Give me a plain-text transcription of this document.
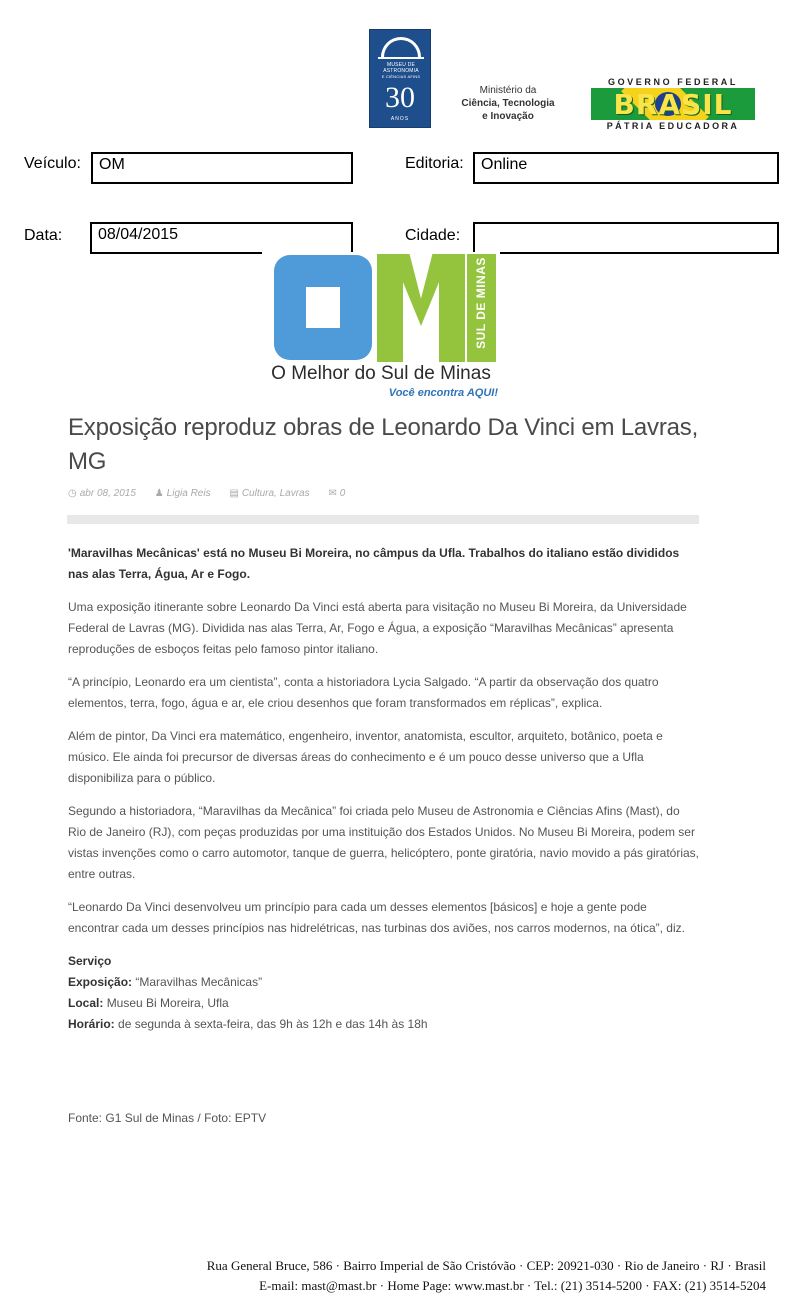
MUSEU DE
ASTRONOMIA
E CIÊNCIAS AFINS
30
ANOS
Ministério da
Ciência, Tecnologia
e Inovação
GOVERNO FEDERAL
BRASIL
PÁTRIA EDUCADORA
Veículo:	OM	Editoria:	Online
Data:	08/04/2015	Cidade:
SUL DE MINAS
O Melhor do Sul de Minas
Você encontra AQUI!
Exposição reproduz obras de Leonardo Da Vinci em Lavras, MG
◷ abr 08, 2015 ♟ Ligia Reis ▤ Cultura, Lavras ✉ 0

'Maravilhas Mecânicas' está no Museu Bi Moreira, no câmpus da Ufla. Trabalhos do italiano estão divididos nas alas Terra, Água, Ar e Fogo.

Uma exposição itinerante sobre Leonardo Da Vinci está aberta para visitação no Museu Bi Moreira, da Universidade Federal de Lavras (MG). Dividida nas alas Terra, Ar, Fogo e Água, a exposição “Maravilhas Mecânicas” apresenta reproduções de esboços feitas pelo famoso pintor italiano.

“A princípio, Leonardo era um cientista”, conta a historiadora Lycia Salgado. “A partir da observação dos quatro elementos, terra, fogo, água e ar, ele criou desenhos que foram transformados em réplicas”, explica.

Além de pintor, Da Vinci era matemático, engenheiro, inventor, anatomista, escultor, arquiteto, botânico, poeta e músico. Ele ainda foi precursor de diversas áreas do conhecimento e é um pouco desse universo que a Ufla disponibiliza para o público.

Segundo a historiadora, “Maravilhas da Mecânica” foi criada pelo Museu de Astronomia e Ciências Afins (Mast), do Rio de Janeiro (RJ), com peças produzidas por uma instituição dos Estados Unidos. No Museu Bi Moreira, podem ser vistas invenções como o carro automotor, tanque de guerra, helicóptero, ponte giratória, navio movido a pás giratórias, entre outras.

“Leonardo Da Vinci desenvolveu um princípio para cada um desses elementos [básicos] e hoje a gente pode encontrar cada um desses princípios nas hidrelétricas, nas turbinas dos aviões, nos carros modernos, na ótica”, diz.

Serviço
Exposição: “Maravilhas Mecânicas”
Local: Museu Bi Moreira, Ufla
Horário: de segunda à sexta-feira, das 9h às 12h e das 14h às 18h
Fonte: G1 Sul de Minas / Foto: EPTV
Rua General Bruce, 586 · Bairro Imperial de São Cristóvão · CEP: 20921-030 · Rio de Janeiro · RJ · Brasil
E-mail: mast@mast.br · Home Page: www.mast.br · Tel.: (21) 3514-5200 · FAX: (21) 3514-5204
